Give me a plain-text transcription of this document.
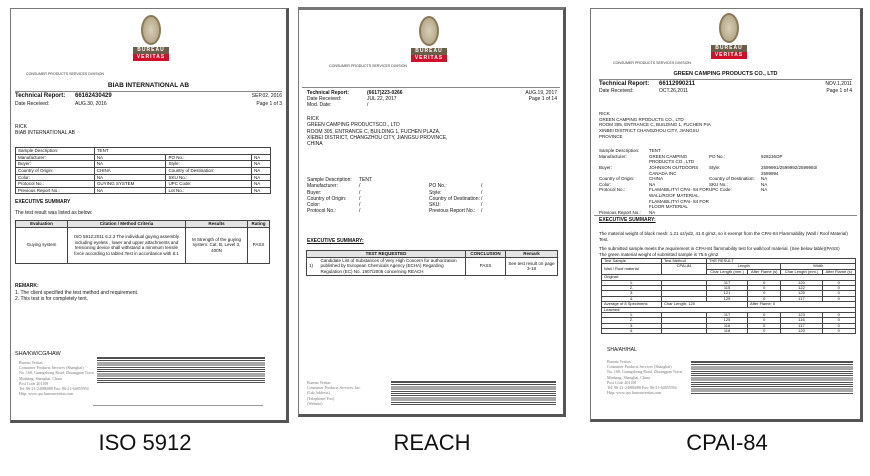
BUREAU
VERITAS
CONSUMER PRODUCTS SERVICES DIVISION
BIAB INTERNATIONAL AB
Technical Report: 66162430429	SEP.02, 2016
Date Received:	AUG.30, 2016	Page 1 of 3
RICK
BIAB INTERNATIONAL AB
Sample Description:	TENT		
Manufacturer:	NA	PO No.:	NA
Buyer:	NA	Style:	NA
Country of Origin:	CHINA	Country of Destination:	NA
Color:	NA	SKU No.:	NA
Protocol No.:	GUYING SYSTEM	UPC Code:	NA
Previous Report No.:	NA	Lot No.:	NA
EXECUTIVE SUMMARY
The test result was listed as below:
Evaluation	Citation / Method Criteria	Results	Rating
Guying system	ISO 5912:2011 6.2.3 The individual guying assembly including eyelets , lower and upper attachments and tensioning device shall withstand a minimum tensile force according to table4.Test in accordance with 8.1	M Strength of the guying system: Cat. B, Level 3, 400N	PASS
REMARK:
1. The client specified the test method and requirement.
2. This test is for completely tent.
SHA/KW/CG/HAW
Bureau Veritas
Consumer Products Services (Shanghai)
No. 168, Guangzhong Road, Zhuangpan Town
Minhang, Shanghai, China
Post Code 201108
Tel: 86-21-24086088 Fax: 86-21-64855954
Http: www.cps.bureauveritas.com
BUREAU
VERITAS
CONSUMER PRODUCTS SERVICES DIVISION
Technical Report:	(6617)223-0266	AUG.19, 2017
Date Received:	JUL 22, 2017	Page 1 of 14
Mod. Date:	/
RICK
GREEN CAMPING PRODUCTSCO., LTD
ROOM 305, ENTRANCE C, BUILDING 1, FUCHEN PLAZA,
XIEBEI DISTRICT, CHANGZHOU CITY, JIANGSU PROVINCE,
CHINA
Sample Description:	TENT
Manufacturer:	/	PO No.:	/
Buyer:	/	Style:	/
Country of Origin:	/	Country of Destination: /
Color:	/	SKU:	/
Protocol No.:	/	Previous Report No.:	/
EXECUTIVE SUMMARY:
TEST REQUESTED		CONCLUSION	Remark
1)	Candidate List of Substances of Very High Concern for authorization published by European Chemicals Agency (ECHA) Regarding Regulation (EC) No. 1907/2006 concerning REACH	PASS	See test result on page 3-18
Bureau Veritas
Consumer Products Services, Inc.
(Lab Address)
(Telephone/ Fax)
(Website)
BUREAU
VERITAS
CONSUMER PRODUCTS SERVICES DIVISION
GREEN CAMPING PRODUCTS CO., LTD
Technical Report: 66112990211	NOV.1,2011
Date Received:	OCT.26,2011	Page 1 of 4
RICK
GREEN CAMPING RPODUCTS CO., LTD
ROOM 305, ENTRANCE C, BUILDING 1, FUCHEN PIA
XINBEI DISTRICT CHANGZHOU CITY, JIANGSU
PROVINCE
Sample Description:	TENT
Manufacturer:	GREEN CAMPING PRODUCTS CO., LTD
PO No.:	928236OP
Buyer:	JOHNSON OUTDOORS CANADA INC
Style:	2599991/2599992/2599993/2599994
Country of Origin:	CHINA	Country of Destination:	NA
Color:	NA	SKU No.:	NA
Protocol No.:	FLAMABILITY/ CPAI- 84 FOR WALL/ROOF MATERIAL FLAMABILITY/ CPAI- 84 FOR FLOOR MATERIAL
UPC Code:	NA
Previous Report No.:	NA
EXECUTIVE SUMMARY:
The material weight of black mesh: 1.21 oz/yd2, 41.0 g/m2, so it exempt from the CPAI-84 Flammability (Wall / Roof Material) Test.
The submitted sample meets the requirement in CPAI-84 flammability test for wall/roof material. (See below table)(PASS)
The green material weight of submitted sample is 75.6 g/m2
Test Sample	Test Method	THE RESULT			
Wall / Roof material	CPAI-84	Length		Width	
		Char Length (mm.)	After Flame (s)	Char Length (mm.)	After Flame (s)
Original:					
1.		117	0	120	0
2.		115	0	122	0
3.		121	0	125	0
4.		125	0	117	0
Average of 8 Specimens	Char Length: 120		After Flame: 0		
Leached:					
1.		117	0	123	0
2.		125	0	116	0
3.		116	0	117	0
4.		118	0	120	0
SHA/AH/HAL
Bureau Veritas
Consumer Products Services (Shanghai)
No. 168, Guangzhong Road, Zhuangpan Town
Minhang, Shanghai, China
Post Code 201108
Tel: 86-21-24086088 Fax: 86-21-64855954
Http: www.cps.bureauveritas.com
ISO 5912	REACH	CPAI-84
